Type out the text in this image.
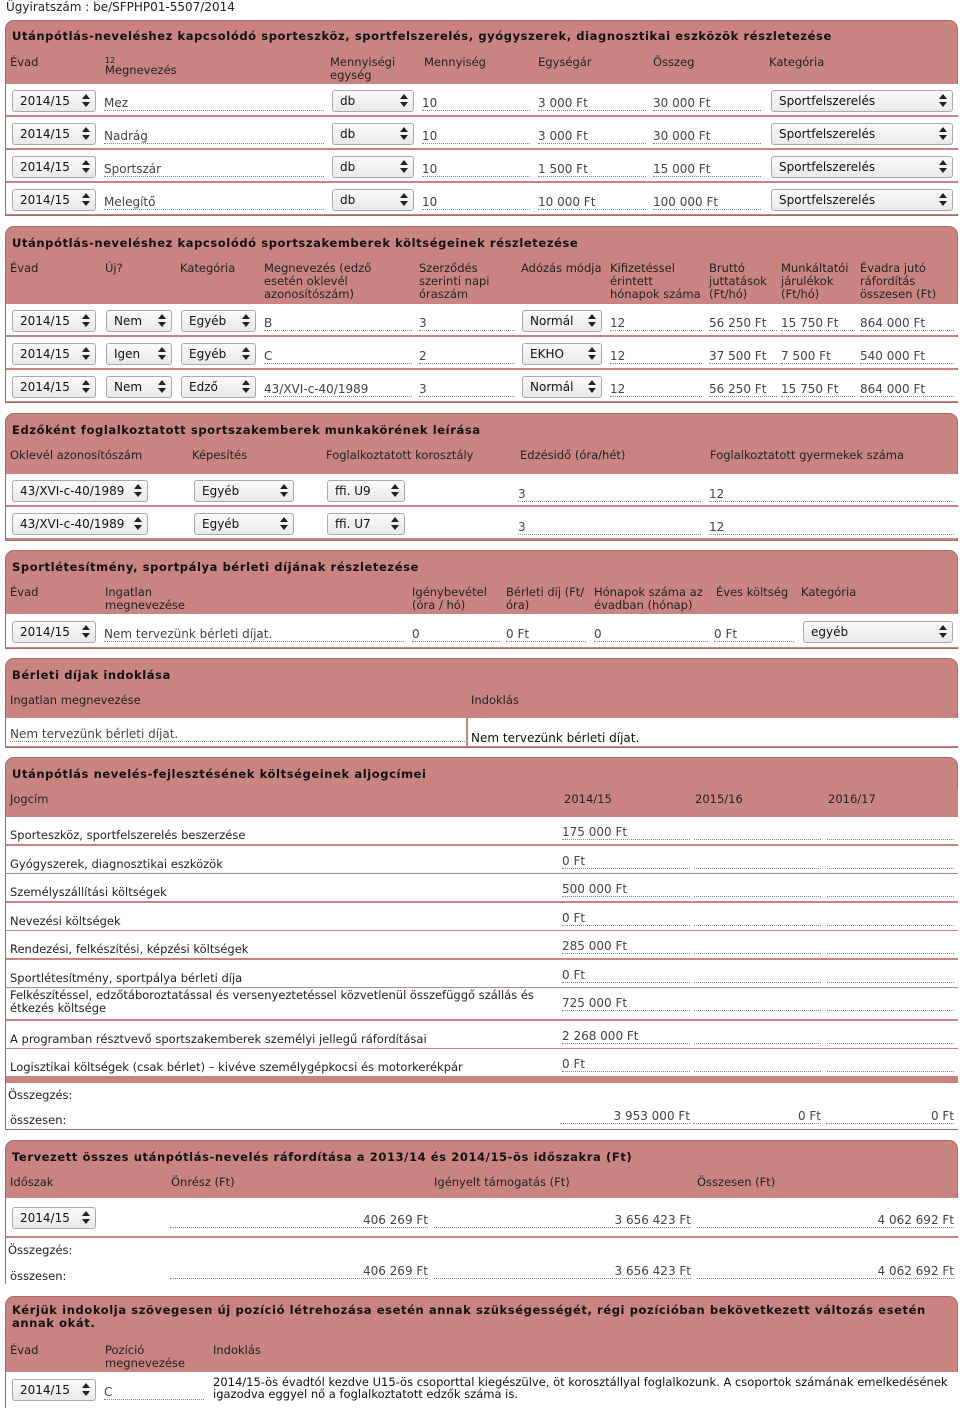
Ügyiratszám : be/SFPHP01-5507/2014
Utánpótlás-neveléshez kapcsolódó sporteszköz, sportfelszerelés, gyógyszerek, diagnosztikai eszközök részletezése
Évad	12
Megnevezés
Mennyiségi egység
Mennyiség	Egységár	Összeg	Kategória
2014/15	Mez	db	10	3 000 Ft	30 000 Ft	Sportfelszerelés
2014/15	Nadrág	db	10	3 000 Ft	30 000 Ft	Sportfelszerelés
2014/15	Sportszár	db	10	1 500 Ft	15 000 Ft	Sportfelszerelés
2014/15	Melegítő	db	10	10 000 Ft	100 000 Ft	Sportfelszerelés
Utánpótlás-neveléshez kapcsolódó sportszakemberek költségeinek részletezése
Évad	Új?	Kategória Megnevezés (edző esetén oklevél azonosítószám)
Szerződés szerinti napi óraszám
Adózás módja Kifizetéssel érintett hónapok száma
Bruttó juttatások (Ft/hó)
Munkáltatói járulékok (Ft/hó)
Évadra jutó ráfordítás összesen (Ft)
2014/15	Nem	Egyéb	B	3	Normál	12	56 250 Ft	15 750 Ft	864 000 Ft
2014/15	Igen	Egyéb	C	2	EKHO	12	37 500 Ft	7 500 Ft	540 000 Ft
2014/15	Nem	Edző	43/XVI-c-40/1989	3	Normál	12	56 250 Ft	15 750 Ft	864 000 Ft
Edzőként foglalkoztatott sportszakemberek munkakörének leírása
Oklevél azonosítószám	Képesítés	Foglalkoztatott korosztály	Edzésidő (óra/hét)	Foglalkoztatott gyermekek száma
43/XVI-c-40/1989	Egyéb	ffi. U9	3	12
43/XVI-c-40/1989	Egyéb	ffi. U7	3	12
Sportlétesítmény, sportpálya bérleti díjának részletezése
Évad	Ingatlan megnevezése
Igénybevétel (óra / hó)
Bérleti díj (Ft/óra)
Hónapok száma az évadban (hónap)
Éves költség Kategória
2014/15	Nem tervezünk bérleti díjat.	0	0 Ft	0	0 Ft	egyéb
Bérleti díjak indoklása
Ingatlan megnevezése	Indoklás
Nem tervezünk bérleti díjat.	Nem tervezünk bérleti díjat.
Utánpótlás nevelés-fejlesztésének költségeinek aljogcímei
Jogcím	2014/15	2015/16	2016/17
Sporteszköz, sportfelszerelés beszerzése	175 000 Ft
Gyógyszerek, diagnosztikai eszközök	0 Ft
Személyszállítási költségek	500 000 Ft
Nevezési költségek	0 Ft
Rendezési, felkészítési, képzési költségek	285 000 Ft
Sportlétesítmény, sportpálya bérleti díja	0 Ft
Felkészítéssel, edzőtáboroztatással és versenyeztetéssel közvetlenül összefüggő szállás és étkezés költsége	725 000 Ft
A programban résztvevő sportszakemberek személyi jellegű ráfordításai	2 268 000 Ft
Logisztikai költségek (csak bérlet) – kivéve személygépkocsi és motorkerékpár	0 Ft
Összegzés:
összesen:	3 953 000 Ft	0 Ft	0 Ft
Tervezett összes utánpótlás-nevelés ráfordítása a 2013/14 és 2014/15-ös időszakra (Ft)
Időszak	Önrész (Ft)	Igényelt támogatás (Ft)	Összesen (Ft)
2014/15	406 269 Ft	3 656 423 Ft	4 062 692 Ft
Összegzés:
összesen:	406 269 Ft	3 656 423 Ft	4 062 692 Ft
Kérjük indokolja szövegesen új pozíció létrehozása esetén annak szükségességét, régi pozícióban bekövetkezett változás esetén annak okát.
Évad	Pozíció megnevezése
Indoklás
2014/15	C
2014/15-ös évadtól kezdve U15-ös csoporttal kiegészülve, öt korosztállyal foglalkozunk. A csoportok számának emelkedésének igazodva eggyel nő a foglalkoztatott edzők száma is.
